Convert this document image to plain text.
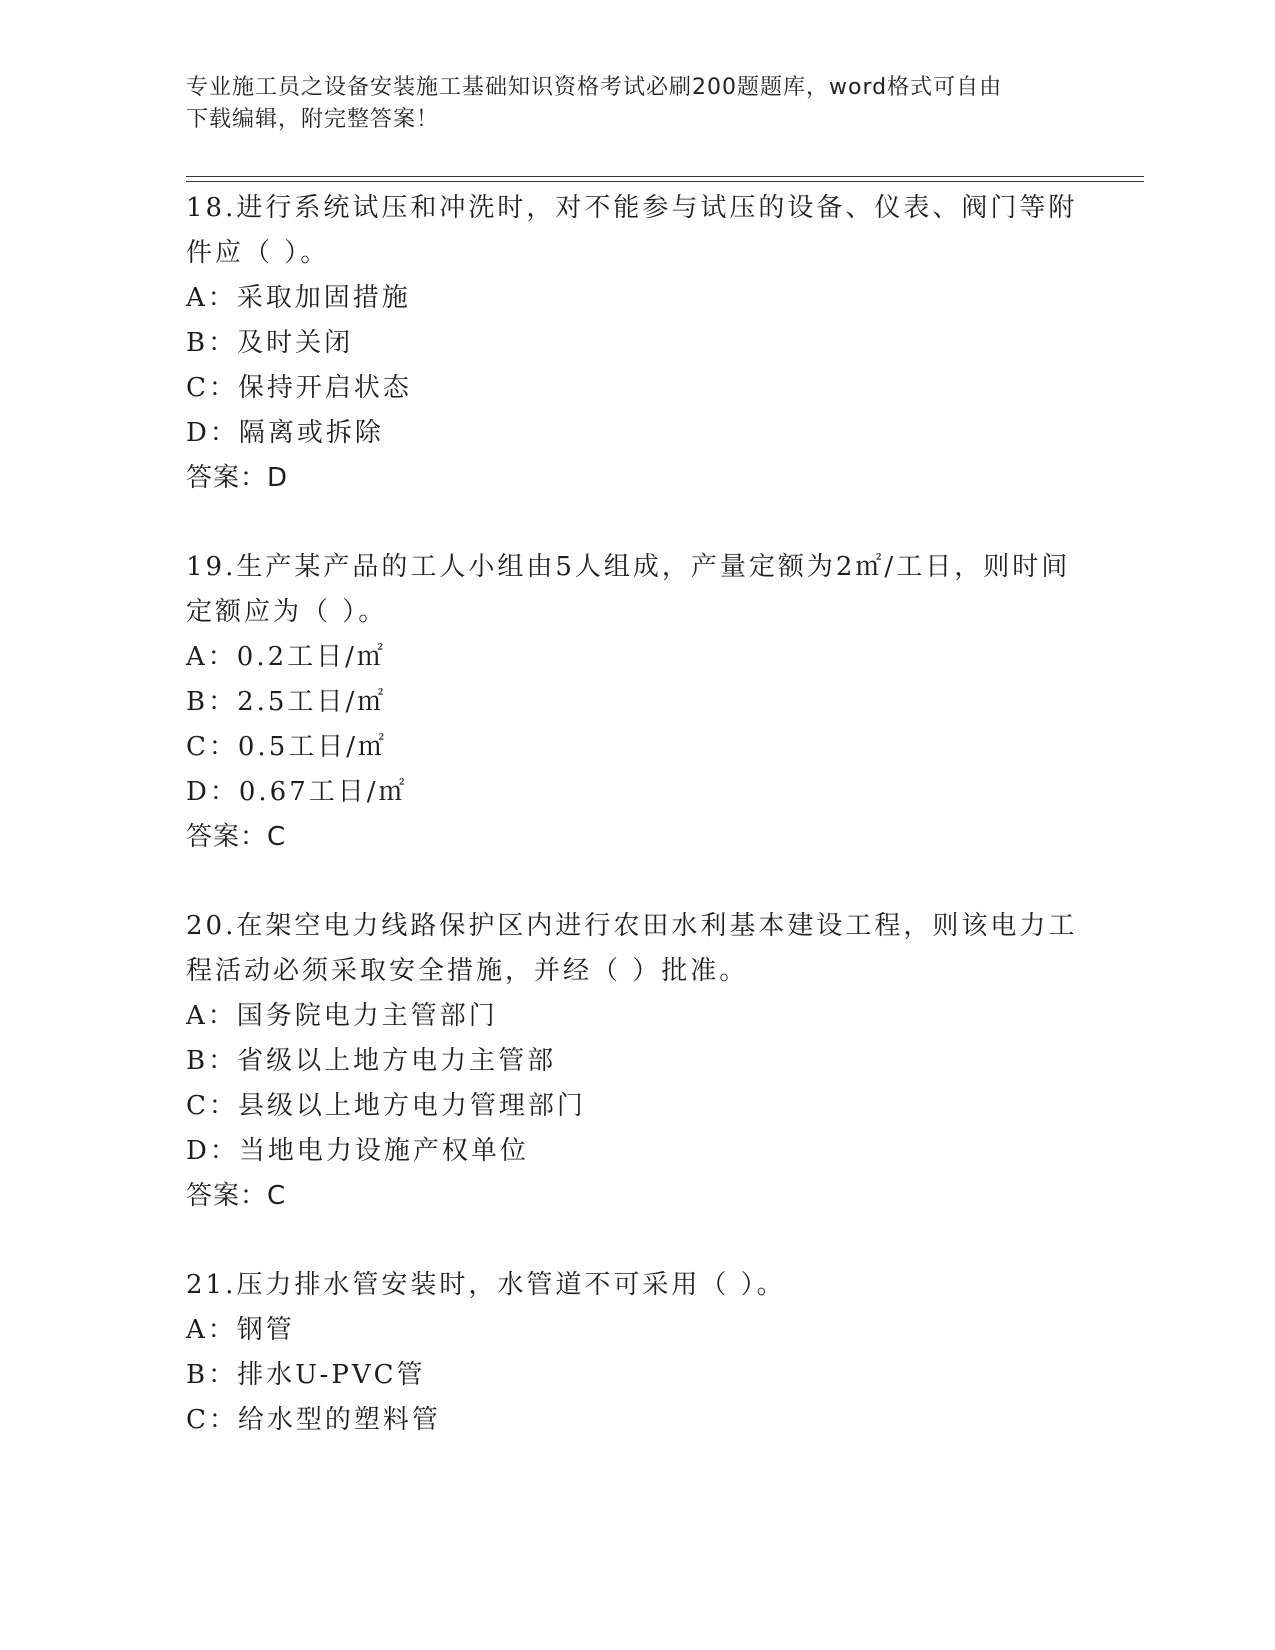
专业施工员之设备安装施工基础知识资格考试必刷200题题库，word格式可自由
下载编辑，附完整答案！
18.进行系统试压和冲洗时，对不能参与试压的设备、仪表、阀门等附
件应（ ）。
A：采取加固措施
B：及时关闭
C：保持开启状态
D：隔离或拆除
答案：D
19.生产某产品的工人小组由5人组成，产量定额为2㎡/工日，则时间
定额应为（ ）。
A：0.2工日/㎡
B：2.5工日/㎡
C：0.5工日/㎡
D：0.67工日/㎡
答案：C
20.在架空电力线路保护区内进行农田水利基本建设工程，则该电力工
程活动必须采取安全措施，并经（ ）批准。
A：国务院电力主管部门
B：省级以上地方电力主管部
C：县级以上地方电力管理部门
D：当地电力设施产权单位
答案：C
21.压力排水管安装时，水管道不可采用（ ）。
A：钢管
B：排水U-PVC管
C：给水型的塑料管
